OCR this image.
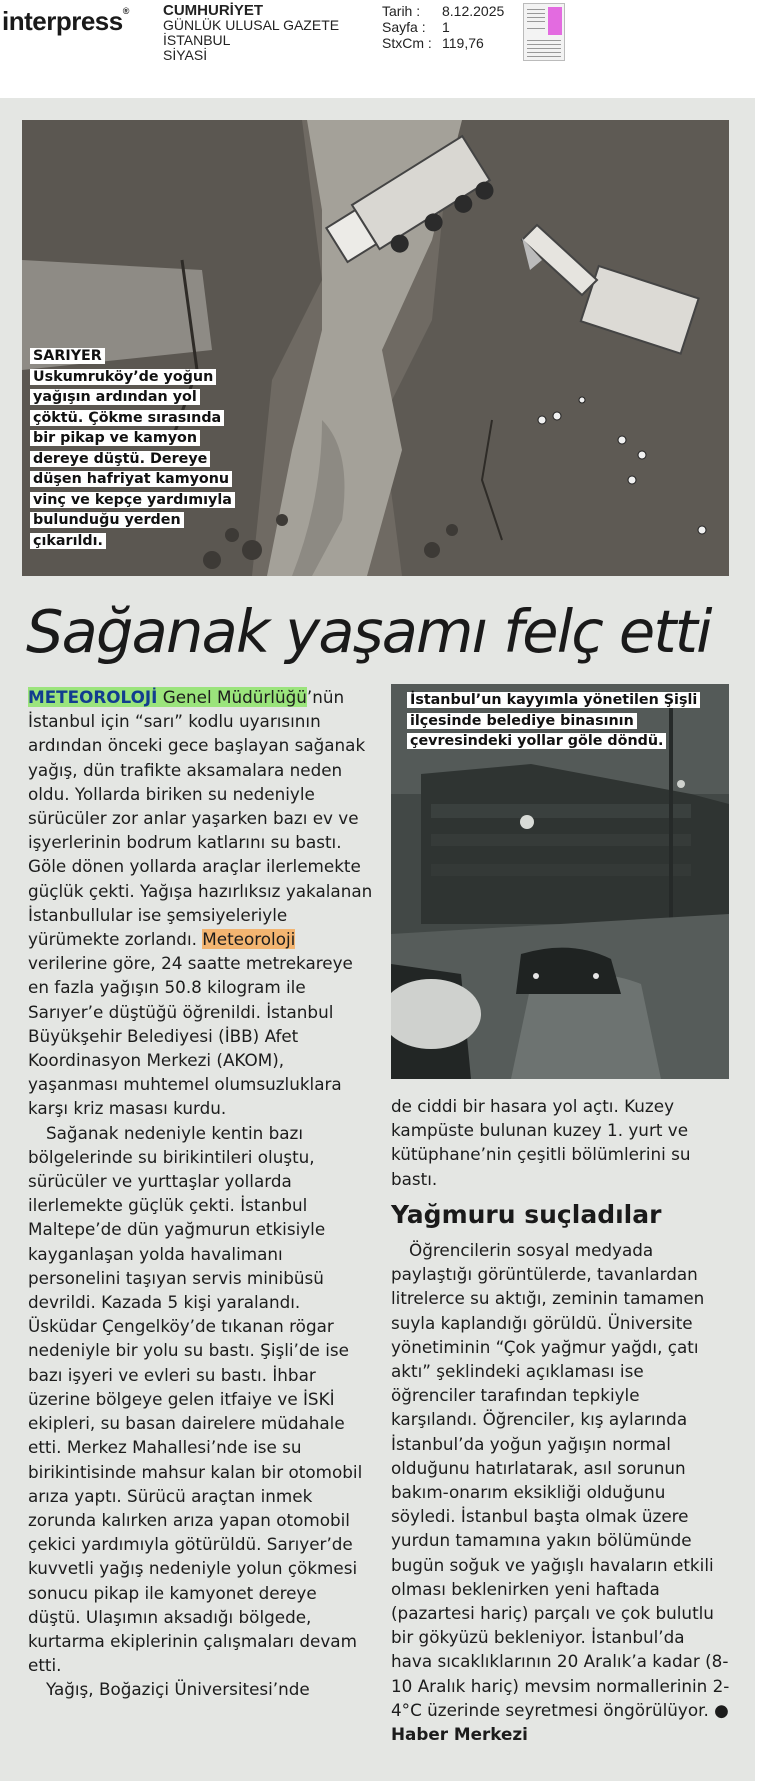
interpress® CUMHURİYET
GÜNLÜK ULUSAL GAZETE
İSTANBUL
SİYASİ
Tarih : 8.12.2025
Sayfa : 1
StxCm : 119,76
SARIYER
Uskumruköy’de yoğun yağışın ardından yol çöktü. Çökme sırasında bir pikap ve kamyon dereye düştü. Dereye düşen hafriyat kamyonu vinç ve kepçe yardımıyla bulunduğu yerden çıkarıldı.
Sağanak yaşamı felç etti

METEOROLOJİ Genel Müdürlüğü’nün İstanbul için “sarı” kodlu uyarısının ardından önceki gece başlayan sağanak yağış, dün trafikte aksamalara neden oldu. Yollarda biriken su nedeniyle sürücüler zor anlar yaşarken bazı ev ve işyerlerinin bodrum katlarını su bastı. Göle dönen yollarda araçlar ilerlemekte güçlük çekti. Yağışa hazırlıksız yakalanan İstanbullular ise şemsiyeleriyle yürümekte zorlandı. Meteoroloji verilerine göre, 24 saatte metrekareye en fazla yağışın 50.8 kilogram ile Sarıyer’e düştüğü öğrenildi. İstanbul Büyükşehir Belediyesi (İBB) Afet Koordinasyon Merkezi (AKOM), yaşanması muhtemel olumsuzluklara karşı kriz masası kurdu.

Sağanak nedeniyle kentin bazı bölgelerinde su birikintileri oluştu, sürücüler ve yurttaşlar yollarda ilerlemekte güçlük çekti. İstanbul Maltepe’de dün yağmurun etkisiyle kayganlaşan yolda havalimanı personelini taşıyan servis minibüsü devrildi. Kazada 5 kişi yaralandı. Üsküdar Çengelköy’de tıkanan rögar nedeniyle bir yolu su bastı. Şişli’de ise bazı işyeri ve evleri su bastı. İhbar üzerine bölgeye gelen itfaiye ve İSKİ ekipleri, su basan dairelere müdahale etti. Merkez Mahallesi’nde ise su birikintisinde mahsur kalan bir otomobil arıza yaptı. Sürücü araçtan inmek zorunda kalırken arıza yapan otomobil çekici yardımıyla götürüldü. Sarıyer’de kuvvetli yağış nedeniyle yolun çökmesi sonucu pikap ile kamyonet dereye düştü. Ulaşımın aksadığı bölgede, kurtarma ekiplerinin çalışmaları devam etti.

Yağış, Boğaziçi Üniversitesi’nde

İstanbul’un kayyımla yönetilen Şişli ilçesinde belediye binasının çevresindeki yollar göle döndü.

de ciddi bir hasara yol açtı. Kuzey kampüste bulunan kuzey 1. yurt ve kütüphane’nin çeşitli bölümlerini su bastı.

Yağmuru suçladılar

Öğrencilerin sosyal medyada paylaştığı görüntülerde, tavanlardan litrelerce su aktığı, zeminin tamamen suyla kaplandığı görüldü. Üniversite yönetiminin “Çok yağmur yağdı, çatı aktı” şeklindeki açıklaması ise öğrenciler tarafından tepkiyle karşılandı. Öğrenciler, kış aylarında İstanbul’da yoğun yağışın normal olduğunu hatırlatarak, asıl sorunun bakım-onarım eksikliği olduğunu söyledi. İstanbul başta olmak üzere yurdun tamamına yakın bölümünde bugün soğuk ve yağışlı havaların etkili olması beklenirken yeni haftada (pazartesi hariç) parçalı ve çok bulutlu bir gökyüzü bekleniyor. İstanbul’da hava sıcaklıklarının 20 Aralık’a kadar (8-10 Aralık hariç) mevsim normallerinin 2-4°C üzerinde seyretmesi öngörülüyor. ● Haber Merkezi
